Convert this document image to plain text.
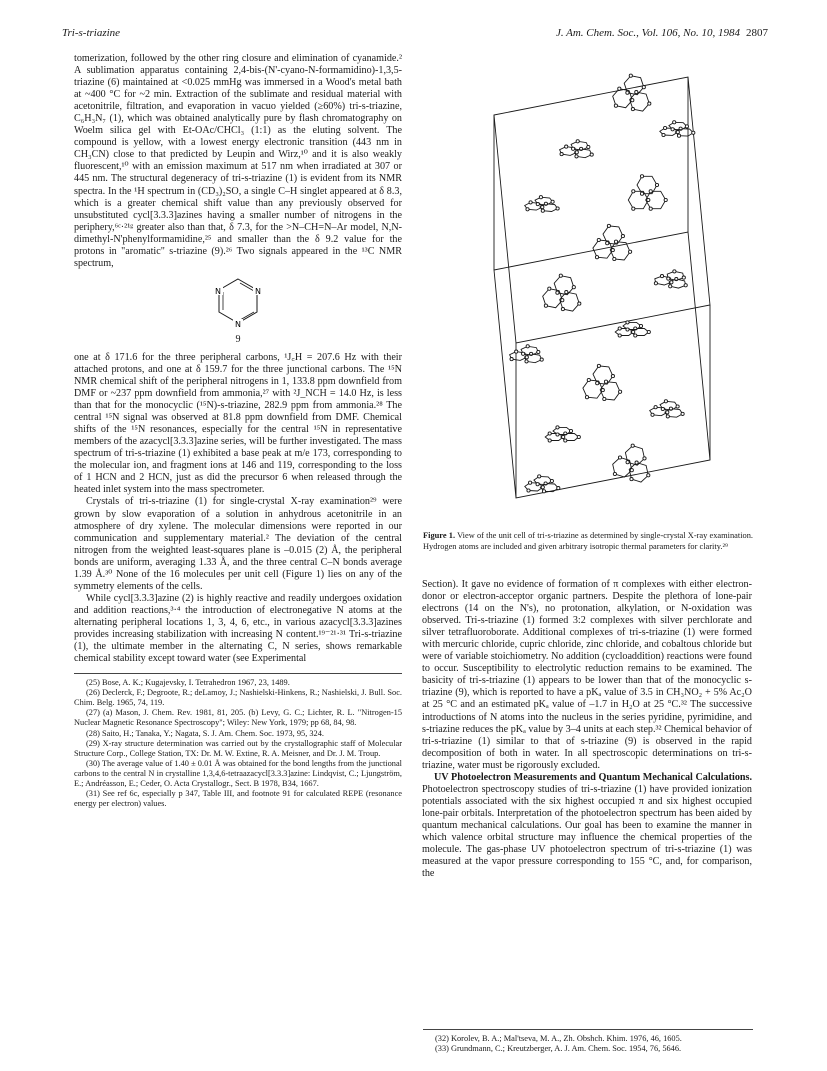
Tri-s-triazine	J. Am. Chem. Soc., Vol. 106, No. 10, 1984 2807

tomerization, followed by the other ring closure and elimination of cyanamide.² A sublimation apparatus containing 2,4-bis-(N'-cyano-N-formamidino)-1,3,5-triazine (6) maintained at <0.025 mmHg was immersed in a Wood's metal bath at ~400 °C for ~2 min. Extraction of the sublimate and residual material with acetonitrile, filtration, and evaporation in vacuo yielded (≥60%) tri-s-triazine, C₆H₃N₇ (1), which was obtained analytically pure by flash chromatography on Woelm silica gel with Et-OAc/CHCl₃ (1:1) as the eluting solvent. The compound is yellow, with a lowest energy electronic transition (443 nm in CH₃CN) close to that predicted by Leupin and Wirz,¹⁰ and it is also weakly fluorescent,¹⁰ with an emission maximum at 517 nm when irradiated at 307 or 445 nm. The structural degeneracy of tri-s-triazine (1) is evident from its NMR spectra. In the ¹H spectrum in (CD₃)₂SO, a single C–H singlet appeared at δ 8.3, which is a greater chemical shift value than any previously observed for unsubstituted cycl[3.3.3]azines having a smaller number of nitrogens in the periphery,⁶ᶜ·²¹ᵍ greater also than that, δ 7.3, for the >N–CH=N–Ar model, N,N-dimethyl-N'phenylformamidine,²⁵ and smaller than the δ 9.2 value for the protons in "aromatic" s-triazine (9).²⁶ Two signals appeared in the ¹³C NMR spectrum,

N
N
N
9

one at δ 171.6 for the three peripheral carbons, ¹J꜀H = 207.6 Hz with their attached protons, and one at δ 159.7 for the three junctional carbons. The ¹⁵N NMR chemical shift of the peripheral nitrogens in 1, 133.8 ppm downfield from DMF or ~237 ppm downfield from ammonia,²⁷ with ²J_NCH = 14.0 Hz, is less than that for the monocyclic (¹⁵N)-s-triazine, 282.9 ppm from ammonia.²⁸ The central ¹⁵N signal was observed at 81.8 ppm downfield from DMF. Chemical shifts of the ¹⁵N resonances, especially for the central ¹⁵N in representative members of the azacycl[3.3.3]azine series, will be further investigated. The mass spectrum of tri-s-triazine (1) exhibited a base peak at m/e 173, corresponding to the molecular ion, and fragment ions at 146 and 119, corresponding to the loss of 1 HCN and 2 HCN, just as did the precursor 6 when released through the heated inlet system into the mass spectrometer.

Crystals of tri-s-triazine (1) for single-crystal X-ray examination²⁹ were grown by slow evaporation of a solution in anhydrous acetonitrile in an atmosphere of dry xylene. The molecular dimensions were reported in our communication and supplementary material.² The deviation of the central nitrogen from the weighted least-squares plane is –0.015 (2) Å, the peripheral bonds are uniform, averaging 1.33 Å, and the three central C–N bonds average 1.39 Å.³⁰ None of the 16 molecules per unit cell (Figure 1) lies on any of the symmetry elements of the cells.

While cycl[3.3.3]azine (2) is highly reactive and readily undergoes oxidation and addition reactions,³·⁴ the introduction of electronegative N atoms at the alternating peripheral locations 1, 3, 4, 6, etc., in various azacycl[3.3.3]azines provides increasing stabilization with increasing N content.¹⁹⁻²¹·³¹ Tri-s-triazine (1), the ultimate member in the alternating C, N series, shows remarkable chemical stability except toward water (see Experimental

(25) Bose, A. K.; Kugajevsky, I. Tetrahedron 1967, 23, 1489.
(26) Declerck, F.; Degroote, R.; deLamoy, J.; Nashielski-Hinkens, R.; Nashielski, J. Bull. Soc. Chim. Belg. 1965, 74, 119.
(27) (a) Mason, J. Chem. Rev. 1981, 81, 205. (b) Levy, G. C.; Lichter, R. L. "Nitrogen-15 Nuclear Magnetic Resonance Spectroscopy"; Wiley: New York, 1979; pp 68, 84, 98.
(28) Saito, H.; Tanaka, Y.; Nagata, S. J. Am. Chem. Soc. 1973, 95, 324.
(29) X-ray structure determination was carried out by the crystallographic staff of Molecular Structure Corp., College Station, TX: Dr. M. W. Extine, R. A. Meisner, and Dr. J. M. Troup.
(30) The average value of 1.40 ± 0.01 Å was obtained for the bond lengths from the junctional carbons to the central N in crystalline 1,3,4,6-tetraazacycl[3.3.3]azine: Lindqvist, C.; Ljungström, E.; Andréasson, E.; Ceder, O. Acta Crystallogr., Sect. B 1978, B34, 1667.
(31) See ref 6c, especially p 347, Table III, and footnote 91 for calculated REPE (resonance energy per electron) values.
Figure 1. View of the unit cell of tri-s-triazine as determined by single-crystal X-ray examination. Hydrogen atoms are included and given arbitrary isotropic thermal parameters for clarity.²⁹

Section). It gave no evidence of formation of π complexes with either electron-donor or electron-acceptor organic partners. Despite the plethora of lone-pair electrons (14 on the N's), no protonation, alkylation, or N-oxidation was observed. Tri-s-triazine (1) formed 3:2 complexes with silver perchlorate and silver tetrafluoroborate. Additional complexes of tri-s-triazine (1) were formed with mercuric chloride, cupric chloride, zinc chloride, and cobaltous chloride but were of variable stoichiometry. No addition (cycloaddition) reactions were found to occur. Susceptibility to electrolytic reduction remains to be examined. The basicity of tri-s-triazine (1) appears to be lower than that of the monocyclic s-triazine (9), which is reported to have a pKₐ value of 3.5 in CH₃NO₂ + 5% Ac₂O at 25 °C and an estimated pKₐ value of –1.7 in H₂O at 25 °C.³² The successive introductions of N atoms into the nucleus in the series pyridine, pyrimidine, and s-triazine reduces the pKₐ value by 3–4 units at each step.³² Chemical behavior of tri-s-triazine (1) similar to that of s-triazine (9) is observed in the rapid decomposition of both in water. In all spectroscopic determinations on tri-s-triazine, water must be rigorously excluded.

UV Photoelectron Measurements and Quantum Mechanical Calculations. Photoelectron spectroscopy studies of tri-s-triazine (1) have provided ionization potentials associated with the six highest occupied π and six highest occupied lone-pair orbitals. Interpretation of the photoelectron spectrum has been aided by quantum mechanical calculations. Our goal has been to examine the manner in which valence orbital structure may influence the chemical properties of the molecule. The gas-phase UV photoelectron spectrum of tri-s-triazine (1) was measured at the vapor pressure corresponding to 155 °C, and, for comparison, the

(32) Korolev, B. A.; Mal'tseva, M. A., Zh. Obshch. Khim. 1976, 46, 1605.
(33) Grundmann, C.; Kreutzberger, A. J. Am. Chem. Soc. 1954, 76, 5646.
